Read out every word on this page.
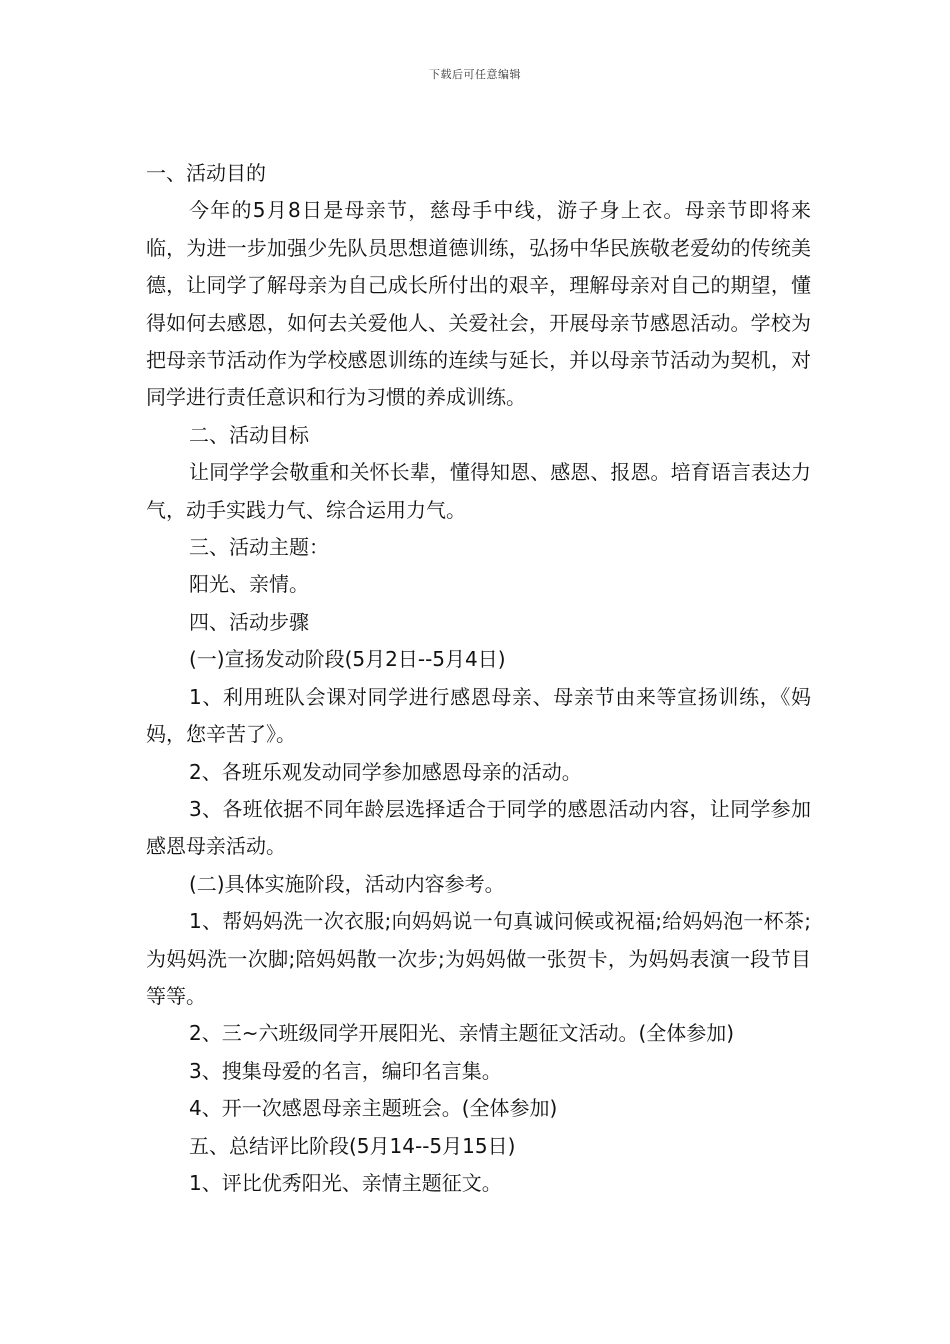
下载后可任意编辑

一、活动目的

今年的5月8日是母亲节，慈母手中线，游子身上衣。母亲节即将来临，为进一步加强少先队员思想道德训练，弘扬中华民族敬老爱幼的传统美德，让同学了解母亲为自己成长所付出的艰辛，理解母亲对自己的期望，懂得如何去感恩，如何去关爱他人、关爱社会，开展母亲节感恩活动。学校为把母亲节活动作为学校感恩训练的连续与延长，并以母亲节活动为契机，对同学进行责任意识和行为习惯的养成训练。

二、活动目标

让同学学会敬重和关怀长辈，懂得知恩、感恩、报恩。培育语言表达力气，动手实践力气、综合运用力气。

三、活动主题：

阳光、亲情。

四、活动步骤

(一)宣扬发动阶段(5月2日--5月4日)

1、利用班队会课对同学进行感恩母亲、母亲节由来等宣扬训练，《妈妈，您辛苦了》。

2、各班乐观发动同学参加感恩母亲的活动。

3、各班依据不同年龄层选择适合于同学的感恩活动内容，让同学参加感恩母亲活动。

(二)具体实施阶段，活动内容参考。

1、帮妈妈洗一次衣服;向妈妈说一句真诚问候或祝福;给妈妈泡一杯茶;为妈妈洗一次脚;陪妈妈散一次步;为妈妈做一张贺卡，为妈妈表演一段节目等等。

2、三~六班级同学开展阳光、亲情主题征文活动。(全体参加)

3、搜集母爱的名言，编印名言集。

4、开一次感恩母亲主题班会。(全体参加)

五、总结评比阶段(5月14--5月15日)

1、评比优秀阳光、亲情主题征文。
